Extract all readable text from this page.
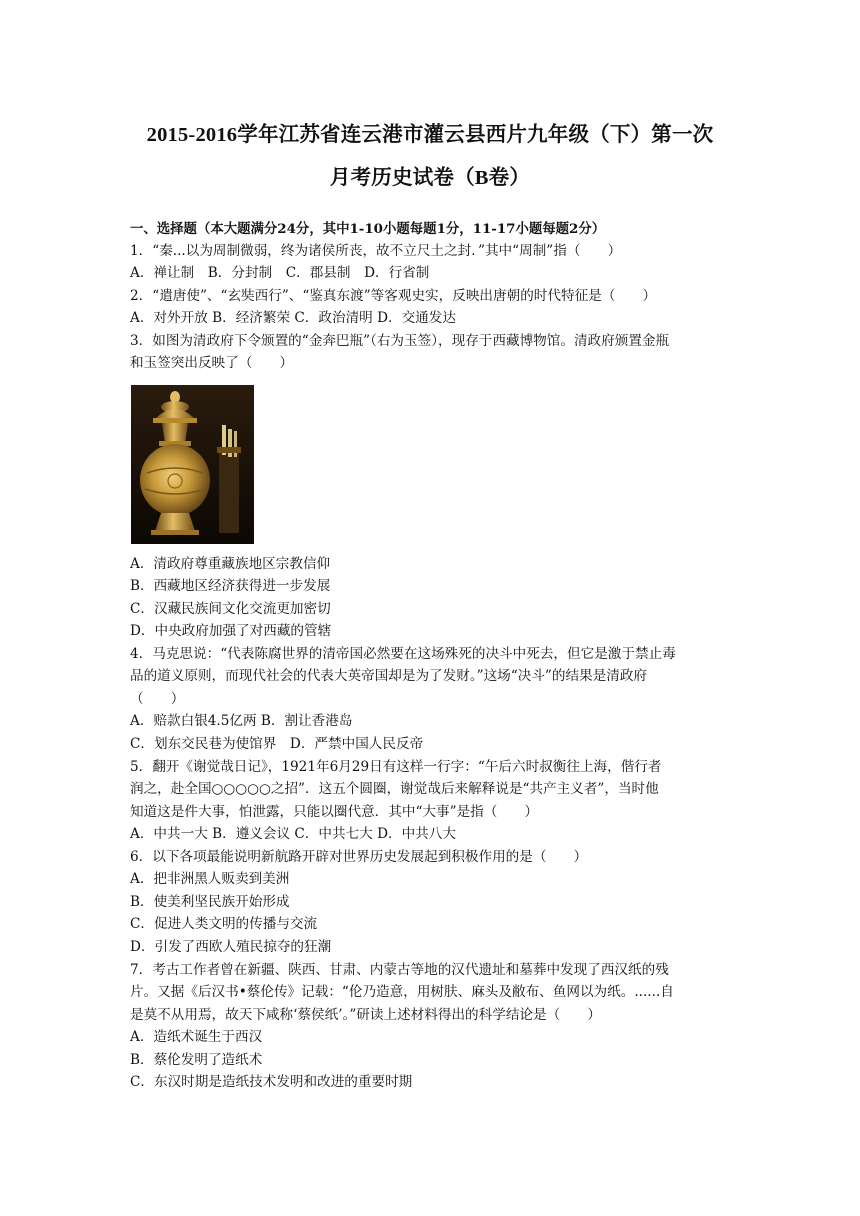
2015-2016学年江苏省连云港市灌云县西片九年级（下）第一次
月考历史试卷（B卷）
一、选择题（本大题满分24分，其中1-10小题每题1分，11-17小题每题2分）
1．“秦...以为周制微弱，终为诸侯所丧，故不立尺土之封．”其中“周制”指（　　）
A．禅让制　B．分封制　C．郡县制　D．行省制
2．“遣唐使”、“玄奘西行”、“鉴真东渡”等客观史实，反映出唐朝的时代特征是（　　）
A．对外开放 B．经济繁荣 C．政治清明 D．交通发达
3．如图为清政府下令颁置的“金奔巴瓶”（右为玉签），现存于西藏博物馆。清政府颁置金瓶
和玉签突出反映了（　　）
A．清政府尊重藏族地区宗教信仰
B．西藏地区经济获得进一步发展
C．汉藏民族间文化交流更加密切
D．中央政府加强了对西藏的管辖
4．马克思说：“代表陈腐世界的清帝国必然要在这场殊死的决斗中死去，但它是激于禁止毒
品的道义原则，而现代社会的代表大英帝国却是为了发财。”这场“决斗”的结果是清政府
（　　）
A．赔款白银4.5亿两 B．割让香港岛
C．划东交民巷为使馆界　D．严禁中国人民反帝
5．翻开《谢觉哉日记》，1921年6月29日有这样一行字：“午后六时叔衡往上海，偕行者
润之，赴全国○○○○○之招”．这五个圆圈，谢觉哉后来解释说是“共产主义者”，当时他
知道这是件大事，怕泄露，只能以圈代意．其中“大事”是指（　　）
A．中共一大 B．遵义会议 C．中共七大 D．中共八大
6．以下各项最能说明新航路开辟对世界历史发展起到积极作用的是（　　）
A．把非洲黑人贩卖到美洲
B．使美利坚民族开始形成
C．促进人类文明的传播与交流
D．引发了西欧人殖民掠夺的狂潮
7．考古工作者曾在新疆、陕西、甘肃、内蒙古等地的汉代遗址和墓葬中发现了西汉纸的残
片。又据《后汉书•蔡伦传》记载：“伦乃造意，用树肤、麻头及敝布、鱼网以为纸。......自
是莫不从用焉，故天下咸称‘蔡侯纸’。”研读上述材料得出的科学结论是（　　）
A．造纸术诞生于西汉
B．蔡伦发明了造纸术
C．东汉时期是造纸技术发明和改进的重要时期
